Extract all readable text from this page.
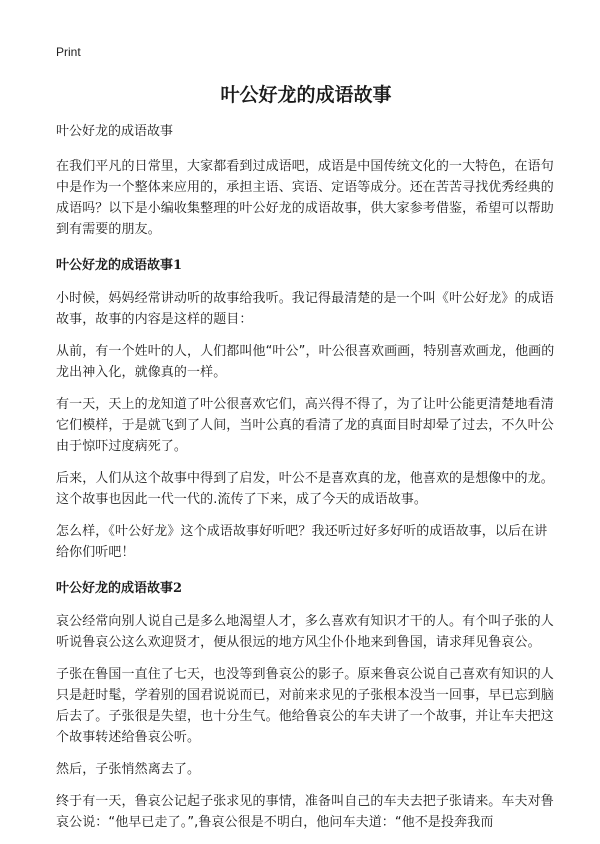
Print
叶公好龙的成语故事
叶公好龙的成语故事

在我们平凡的日常里，大家都看到过成语吧，成语是中国传统文化的一大特色，在语句中是作为一个整体来应用的，承担主语、宾语、定语等成分。还在苦苦寻找优秀经典的成语吗？以下是小编收集整理的叶公好龙的成语故事，供大家参考借鉴，希望可以帮助到有需要的朋友。

叶公好龙的成语故事1

小时候，妈妈经常讲动听的故事给我听。我记得最清楚的是一个叫《叶公好龙》的成语故事，故事的内容是这样的题目：

从前，有一个姓叶的人，人们都叫他“叶公”，叶公很喜欢画画，特别喜欢画龙，他画的龙出神入化，就像真的一样。

有一天，天上的龙知道了叶公很喜欢它们，高兴得不得了，为了让叶公能更清楚地看清它们模样，于是就飞到了人间，当叶公真的看清了龙的真面目时却晕了过去，不久叶公由于惊吓过度病死了。

后来，人们从这个故事中得到了启发，叶公不是喜欢真的龙，他喜欢的是想像中的龙。这个故事也因此一代一代的.流传了下来，成了今天的成语故事。

怎么样，《叶公好龙》这个成语故事好听吧？我还听过好多好听的成语故事，以后在讲给你们听吧！

叶公好龙的成语故事2

哀公经常向别人说自己是多么地渴望人才，多么喜欢有知识才干的人。有个叫子张的人听说鲁哀公这么欢迎贤才，便从很远的地方风尘仆仆地来到鲁国，请求拜见鲁哀公。

子张在鲁国一直住了七天，也没等到鲁哀公的影子。原来鲁哀公说自己喜欢有知识的人只是赶时髦，学着别的国君说说而已，对前来求见的子张根本没当一回事，早已忘到脑后去了。子张很是失望，也十分生气。他给鲁哀公的车夫讲了一个故事，并让车夫把这个故事转述给鲁哀公听。

然后，子张悄然离去了。

终于有一天，鲁哀公记起子张求见的事情，准备叫自己的车夫去把子张请来。车夫对鲁哀公说：“他早已走了。”,鲁哀公很是不明白，他问车夫道：“他不是投奔我而
